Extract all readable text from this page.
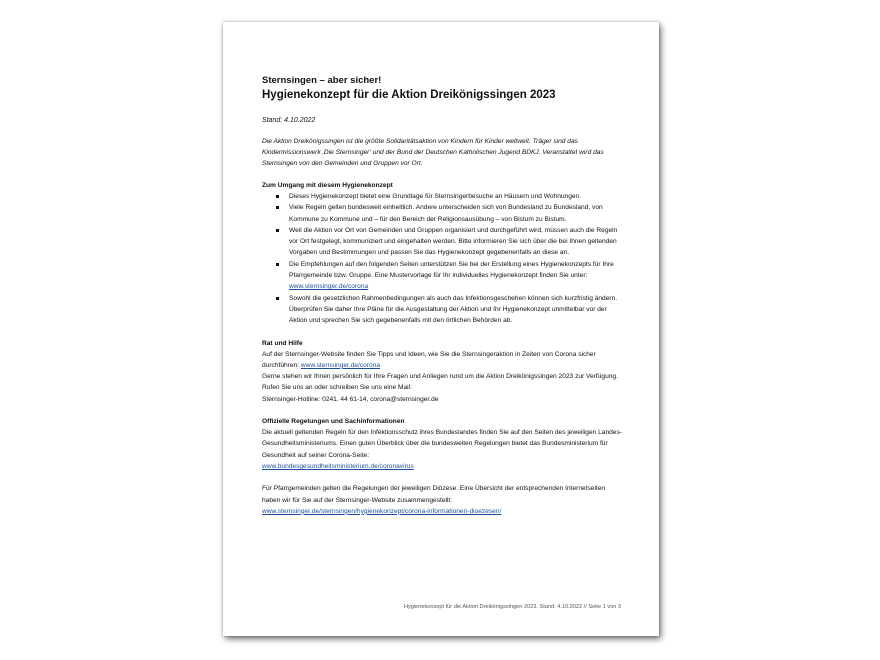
Sternsingen – aber sicher!
Hygienekonzept für die Aktion Dreikönigssingen 2023
Stand: 4.10.2022
Die Aktion Dreikönigssingen ist die größte Solidaritätsaktion von Kindern für Kinder weltweit. Träger sind das Kindermissionswerk ‚Die Sternsinger‘ und der Bund der Deutschen Katholischen Jugend BDKJ. Veranstaltet wird das Sternsingen von den Gemeinden und Gruppen vor Ort.
Zum Umgang mit diesem Hygienekonzept
Dieses Hygienekonzept bietet eine Grundlage für Sternsingerbesuche an Häusern und Wohnungen.
Viele Regeln gelten bundesweit einheitlich. Andere unterscheiden sich von Bundesland zu Bundesland, von Kommune zu Kommune und – für den Bereich der Religionsausübung – von Bistum zu Bistum.
Weil die Aktion vor Ort von Gemeinden und Gruppen organisiert und durchgeführt wird, müssen auch die Regeln vor Ort festgelegt, kommuniziert und eingehalten werden. Bitte informieren Sie sich über die bei Ihnen geltenden Vorgaben und Bestimmungen und passen Sie das Hygienekonzept gegebenenfalls an diese an.
Die Empfehlungen auf den folgenden Seiten unterstützen Sie bei der Erstellung eines Hygienekonzepts für Ihre Pfarrgemeinde bzw. Gruppe. Eine Mustervorlage für Ihr individuelles Hygienekonzept finden Sie unter: www.sternsinger.de/corona
Sowohl die gesetzlichen Rahmenbedingungen als auch das Infektionsgeschehen können sich kurzfristig ändern. Überprüfen Sie daher Ihre Pläne für die Ausgestaltung der Aktion und Ihr Hygienekonzept unmittelbar vor der Aktion und sprechen Sie sich gegebenenfalls mit den örtlichen Behörden ab.
Rat und Hilfe
Auf der Sternsinger-Website finden Sie Tipps und Ideen, wie Sie die Sternsingeraktion in Zeiten von Corona sicher durchführen: www.sternsinger.de/corona
Gerne stehen wir Ihnen persönlich für Ihre Fragen und Anliegen rund um die Aktion Dreikönigssingen 2023 zur Verfügung. Rufen Sie uns an oder schreiben Sie uns eine Mail:
Sternsinger-Hotline: 0241. 44 61-14, corona@sternsinger.de
Offizielle Regelungen und Sachinformationen
Die aktuell geltenden Regeln für den Infektionsschutz ihres Bundeslandes finden Sie auf den Seiten des jeweiligen Landes-Gesundheitsministeriums. Einen guten Überblick über die bundesweiten Regelungen bietet das Bundesministerium für Gesundheit auf seiner Corona-Seite:
www.bundesgesundheitsministerium.de/coronavirus
Für Pfarrgemeinden gelten die Regelungen der jeweiligen Diözese. Eine Übersicht der entsprechenden Internetseiten haben wir für Sie auf der Sternsinger-Website zusammengestellt:
www.sternsinger.de/sternsingen/hygienekonzept/corona-informationen-dioezesen/
Hygienekonzept für die Aktion Dreikönigssingen 2023. Stand: 4.10.2022 // Seite 1 von 3
